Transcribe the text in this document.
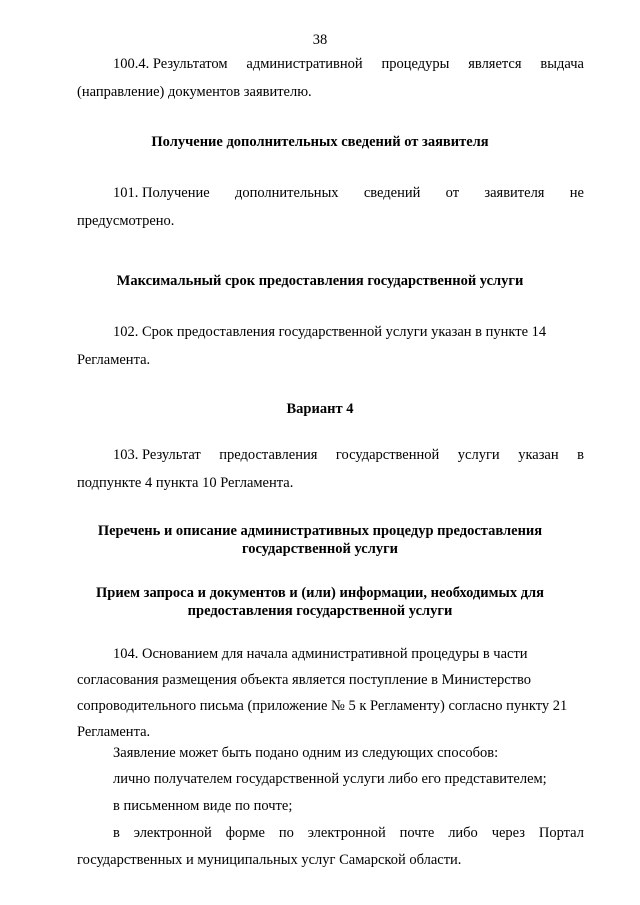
38
100.4. Результатом административной процедуры является выдача
(направление) документов заявителю.
Получение дополнительных сведений от заявителя
101. Получение дополнительных сведений от заявителя не
предусмотрено.
Максимальный срок предоставления государственной услуги
102. Срок предоставления государственной услуги указан в пункте 14
Регламента.
Вариант 4
103. Результат предоставления государственной услуги указан в
подпункте 4 пункта 10 Регламента.
Перечень и описание административных процедур предоставления
государственной услуги
Прием запроса и документов и (или) информации, необходимых для
предоставления государственной услуги
104. Основанием для начала административной процедуры в части
согласования размещения объекта является поступление в Министерство
сопроводительного письма (приложение № 5 к Регламенту) согласно пункту 21
Регламента.
Заявление может быть подано одним из следующих способов:
лично получателем государственной услуги либо его представителем;
в письменном виде по почте;
в электронной форме по электронной почте либо через Портал
государственных и муниципальных услуг Самарской области.
